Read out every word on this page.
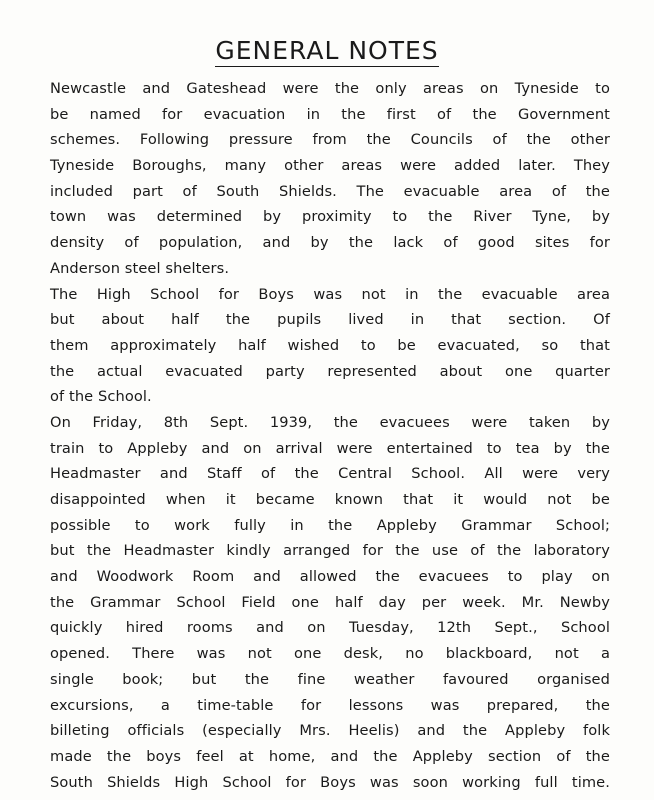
GENERAL NOTES
Newcastle and Gateshead were the only areas on Tyneside to
be named for evacuation in the first of the Government
schemes. Following pressure from the Councils of the other
Tyneside Boroughs, many other areas were added later. They
included part of South Shields. The evacuable area of the
town was determined by proximity to the River Tyne, by
density of population, and by the lack of good sites for
Anderson steel shelters.
The High School for Boys was not in the evacuable area
but about half the pupils lived in that section. Of
them approximately half wished to be evacuated, so that
the actual evacuated party represented about one quarter
of the School.
On Friday, 8th Sept. 1939, the evacuees were taken by
train to Appleby and on arrival were entertained to tea by the
Headmaster and Staff of the Central School. All were very
disappointed when it became known that it would not be
possible to work fully in the Appleby Grammar School;
but the Headmaster kindly arranged for the use of the laboratory
and Woodwork Room and allowed the evacuees to play on
the Grammar School Field one half day per week. Mr. Newby
quickly hired rooms and on Tuesday, 12th Sept., School
opened. There was not one desk, no blackboard, not a
single book; but the fine weather favoured organised
excursions, a time-table for lessons was prepared, the
billeting officials (especially Mrs. Heelis) and the Appleby folk
made the boys feel at home, and the Appleby section of the
South Shields High School for Boys was soon working full time.
